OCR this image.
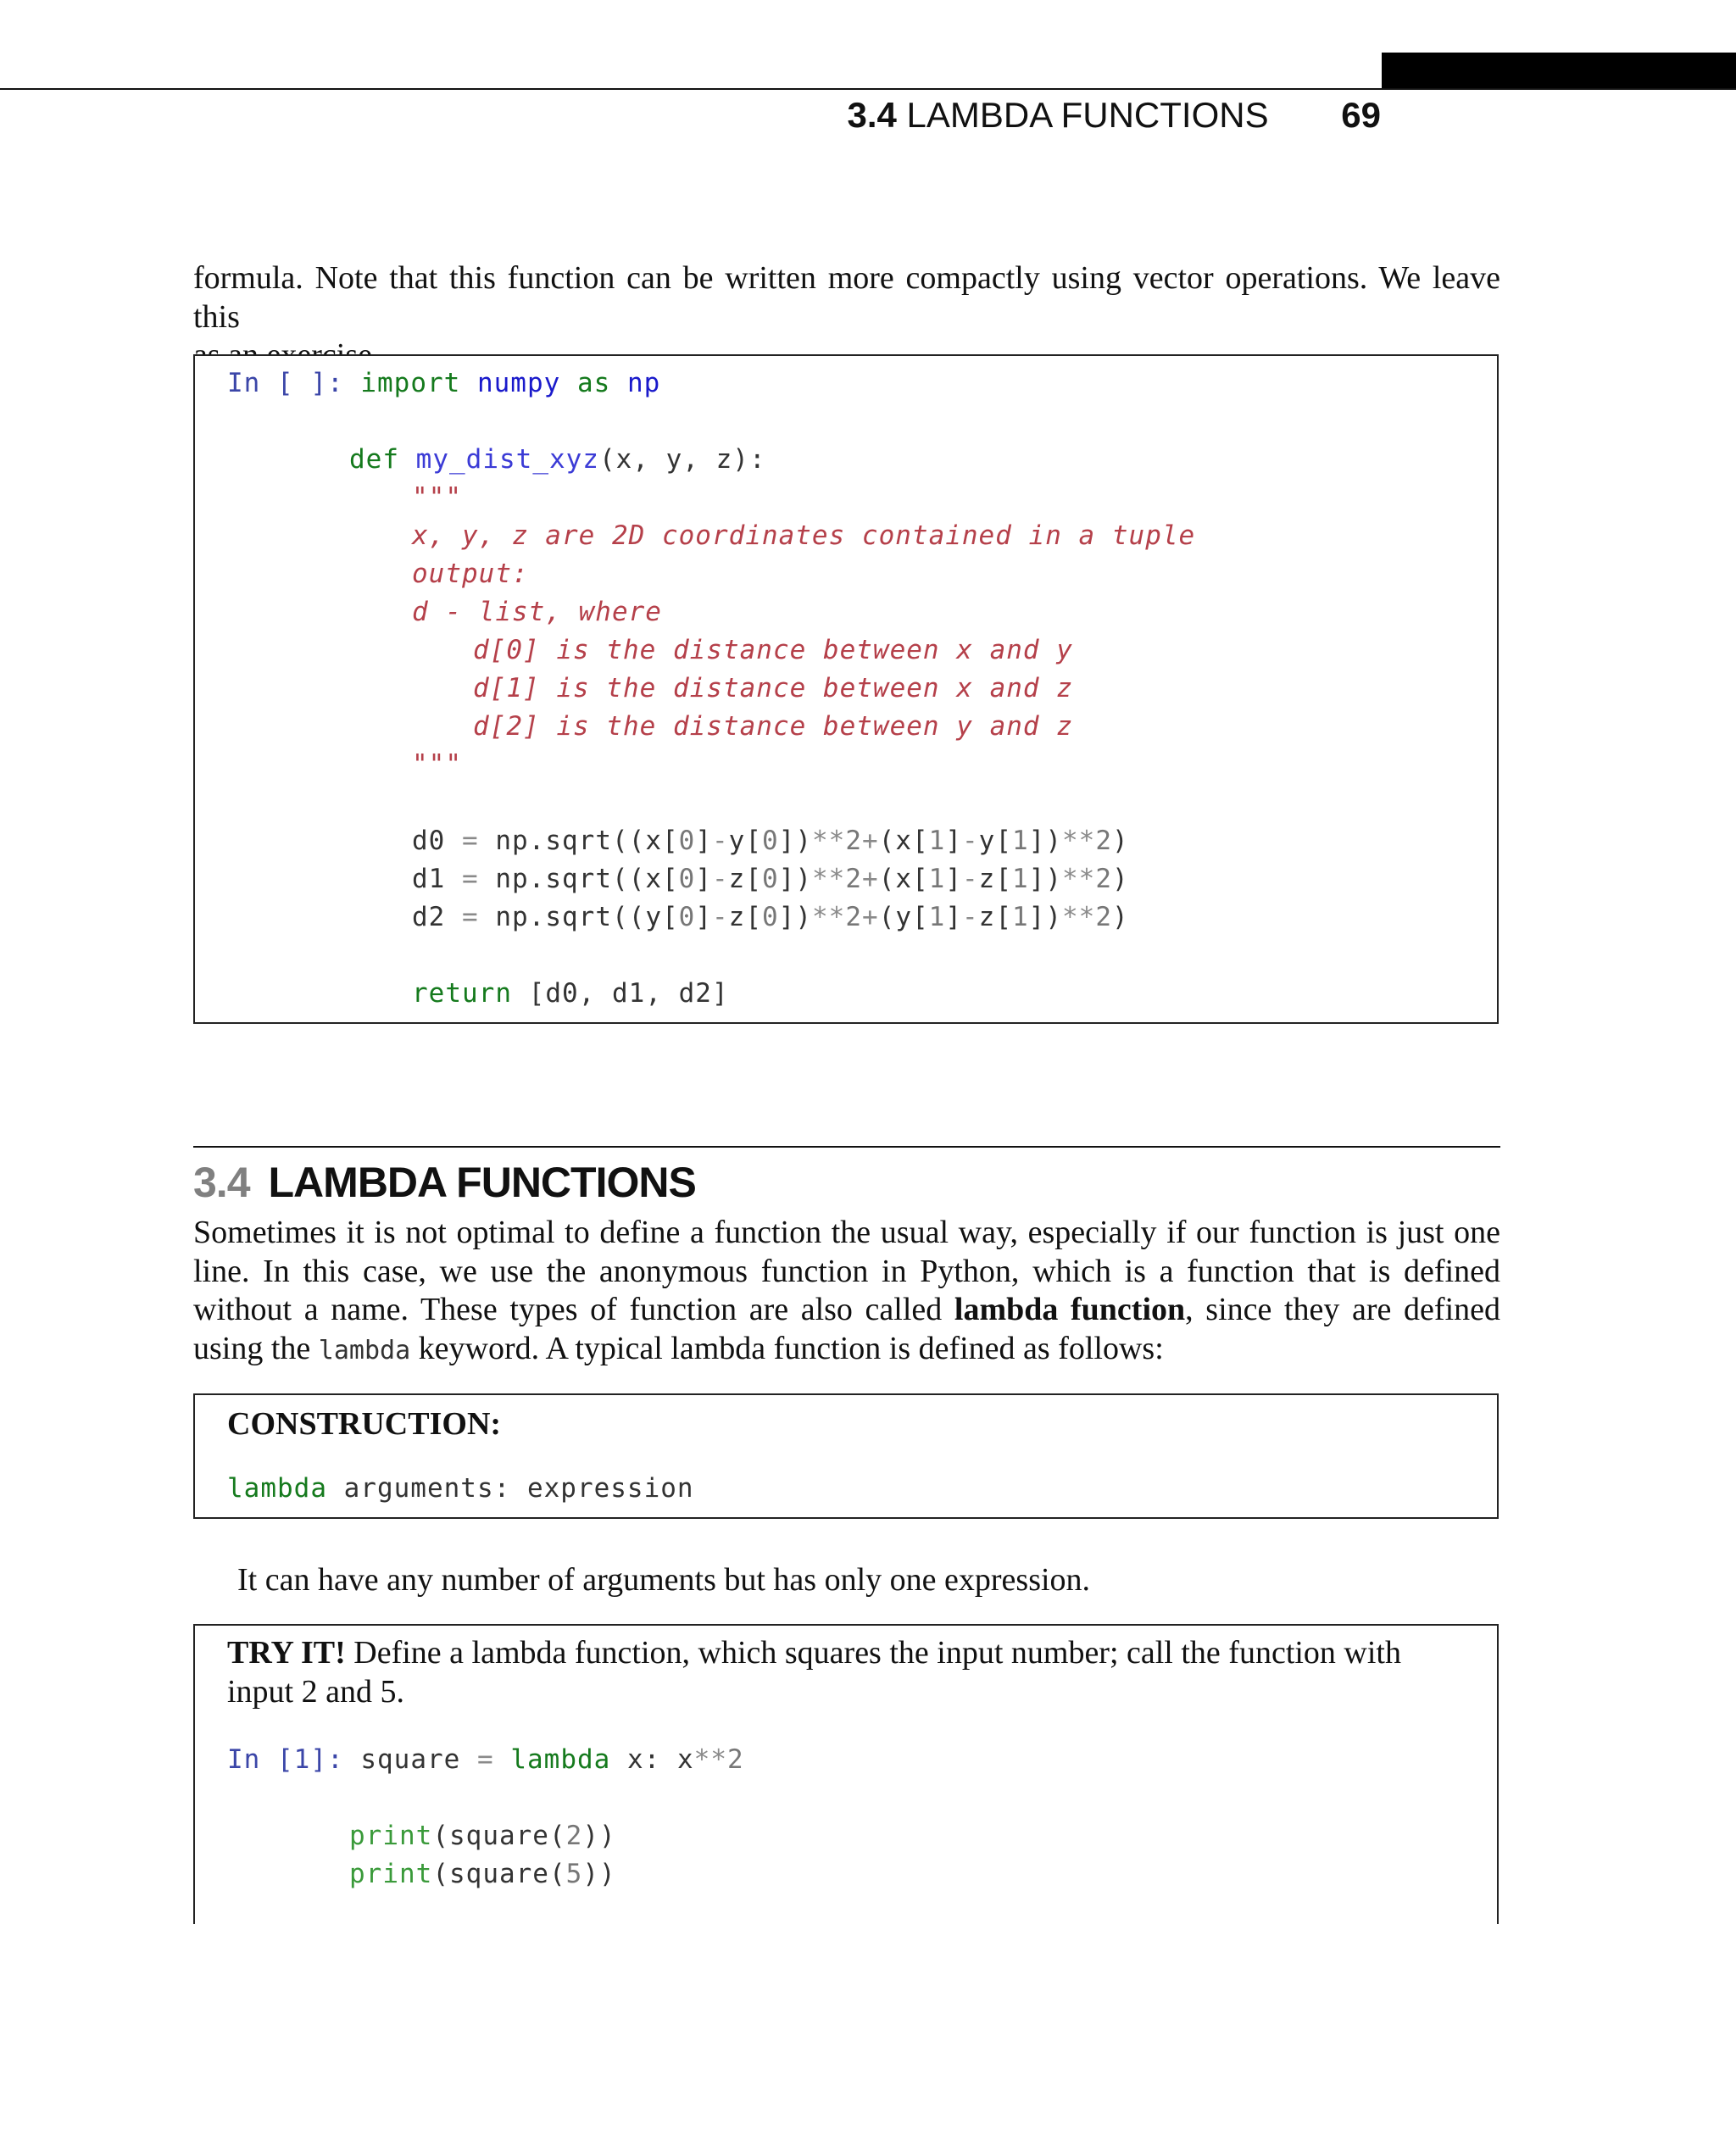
3.4 LAMBDA FUNCTIONS 69
formula. Note that this function can be written more compactly using vector operations. We leave this

In [ ]: import numpy as np
def my_dist_xyz(x, y, z):
"""
x, y, z are 2D coordinates contained in a tuple
output:
d - list, where
d[0] is the distance between x and y
d[1] is the distance between x and z
d[2] is the distance between y and z
"""
d0 = np.sqrt((x[0]-y[0])**2+(x[1]-y[1])**2)
d1 = np.sqrt((x[0]-z[0])**2+(x[1]-z[1])**2)
d2 = np.sqrt((y[0]-z[0])**2+(y[1]-z[1])**2)
return [d0, d1, d2]
3.4 LAMBDA FUNCTIONS
Sometimes it is not optimal to define a function the usual way, especially if our function is just one line. In this case, we use the anonymous function in Python, which is a function that is defined without a name. These types of function are also called lambda function, since they are defined using the lambda keyword. A typical lambda function is defined as follows:
CONSTRUCTION:
lambda arguments: expression
It can have any number of arguments but has only one expression.
TRY IT! Define a lambda function, which squares the input number; call the function with input 2 and 5.
In [1]: square = lambda x: x**2
print(square(2))
print(square(5))
